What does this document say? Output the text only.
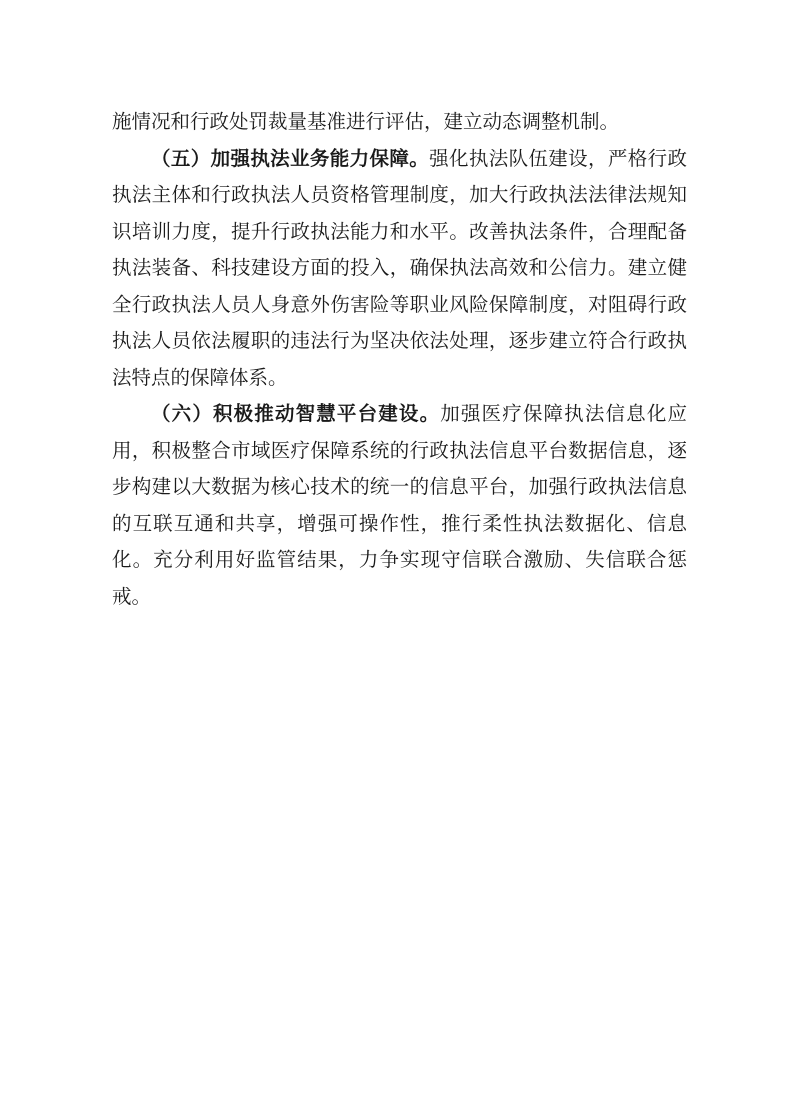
施情况和行政处罚裁量基准进行评估，建立动态调整机制。

（五）加强执法业务能力保障。强化执法队伍建设，严格行政执法主体和行政执法人员资格管理制度，加大行政执法法律法规知识培训力度，提升行政执法能力和水平。改善执法条件，合理配备执法装备、科技建设方面的投入，确保执法高效和公信力。建立健全行政执法人员人身意外伤害险等职业风险保障制度，对阻碍行政执法人员依法履职的违法行为坚决依法处理，逐步建立符合行政执法特点的保障体系。

（六）积极推动智慧平台建设。加强医疗保障执法信息化应用，积极整合市域医疗保障系统的行政执法信息平台数据信息，逐步构建以大数据为核心技术的统一的信息平台，加强行政执法信息的互联互通和共享，增强可操作性，推行柔性执法数据化、信息化。充分利用好监管结果，力争实现守信联合激励、失信联合惩戒。
